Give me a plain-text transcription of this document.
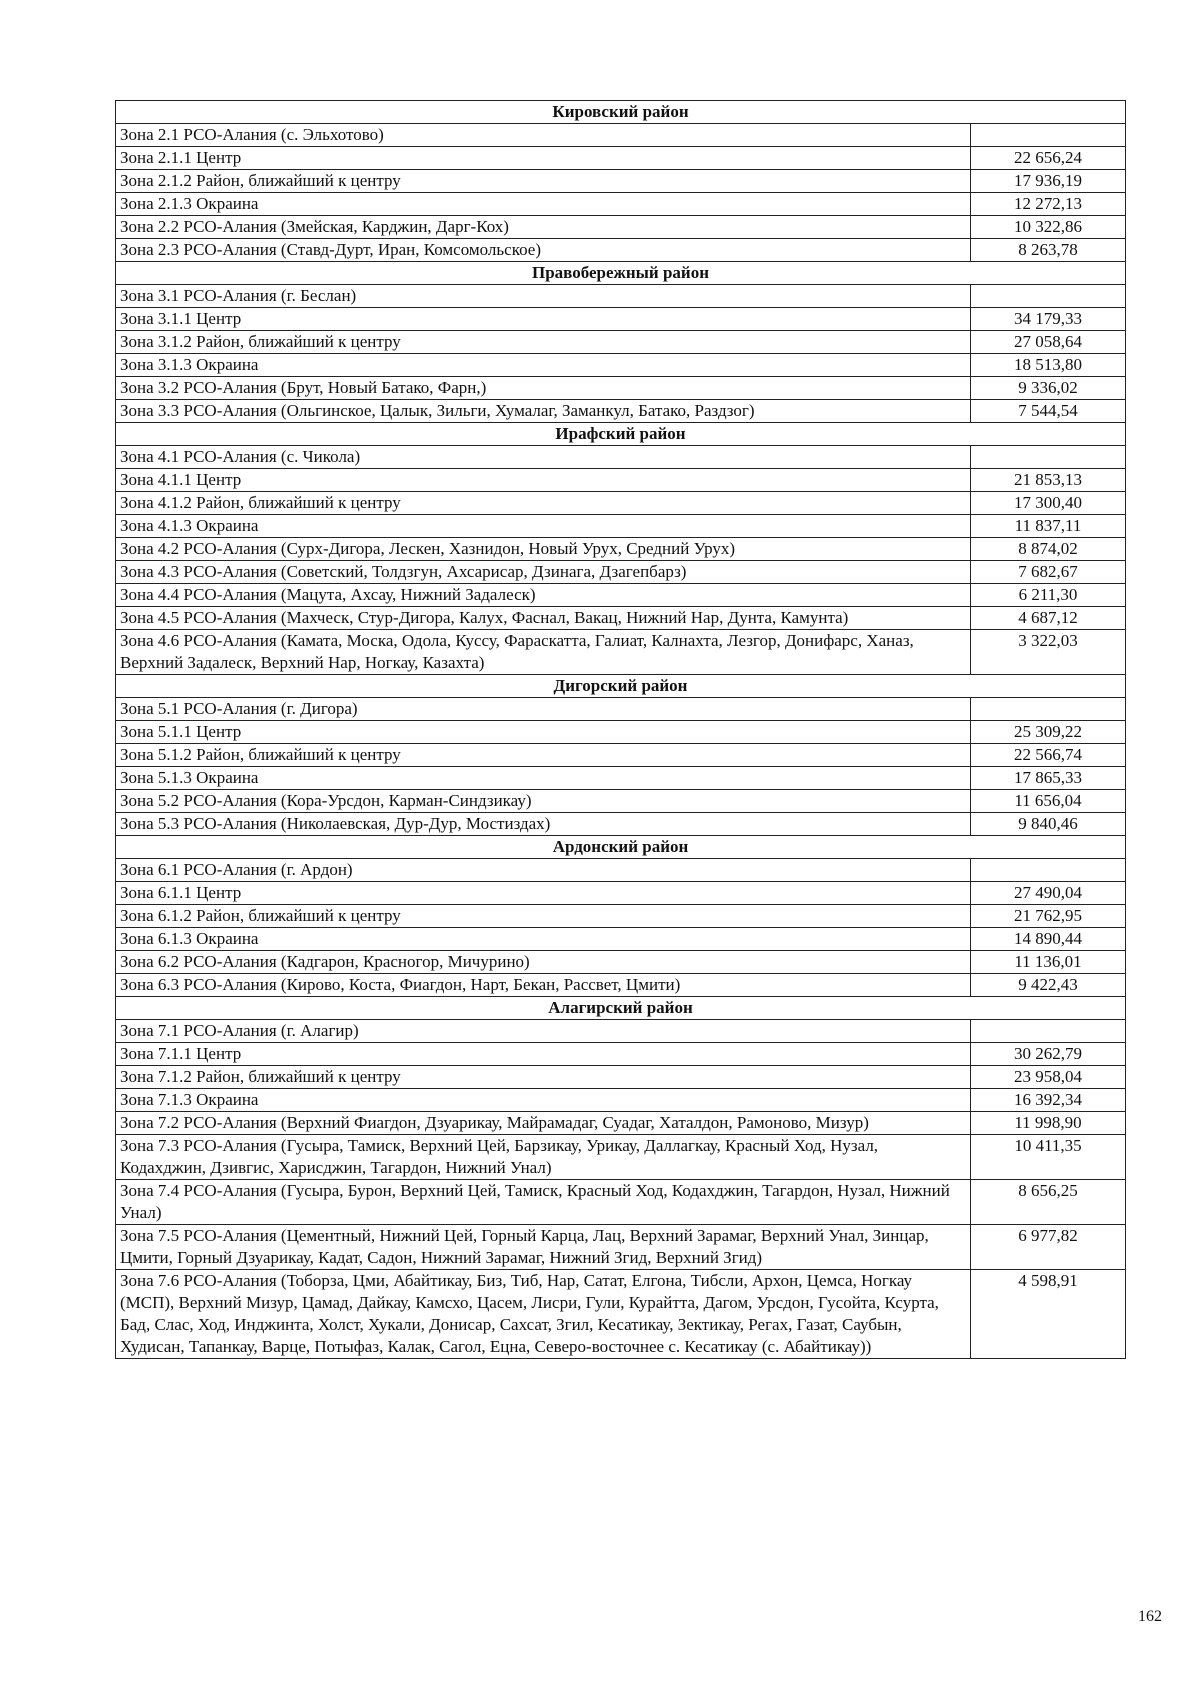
Кировский район	
Зона 2.1 РСО-Алания (с. Эльхотово)	
Зона 2.1.1 Центр	22 656,24
Зона 2.1.2 Район, ближайший к центру	17 936,19
Зона 2.1.3 Окраина	12 272,13
Зона 2.2 РСО-Алания (Змейская, Карджин, Дарг-Кох)	10 322,86
Зона 2.3 РСО-Алания (Ставд-Дурт, Иран, Комсомольское)	8 263,78
Правобережный район	
Зона 3.1 РСО-Алания (г. Беслан)	
Зона 3.1.1 Центр	34 179,33
Зона 3.1.2 Район, ближайший к центру	27 058,64
Зона 3.1.3 Окраина	18 513,80
Зона 3.2 РСО-Алания (Брут, Новый Батако, Фарн,)	9 336,02
Зона 3.3 РСО-Алания (Ольгинское, Цалык, Зильги, Хумалаг, Заманкул, Батако, Раздзог)	7 544,54
Ирафский район	
Зона 4.1 РСО-Алания (с. Чикола)	
Зона 4.1.1 Центр	21 853,13
Зона 4.1.2 Район, ближайший к центру	17 300,40
Зона 4.1.3 Окраина	11 837,11
Зона 4.2 РСО-Алания (Сурх-Дигора, Лескен, Хазнидон, Новый Урух, Средний Урух)	8 874,02
Зона 4.3 РСО-Алания (Советский, Толдзгун, Ахсарисар, Дзинага, Дзагепбарз)	7 682,67
Зона 4.4 РСО-Алания (Мацута, Ахсау, Нижний Задалеск)	6 211,30
Зона 4.5 РСО-Алания (Махческ, Стур-Дигора, Калух, Фаснал, Вакац, Нижний Нар, Дунта, Камунта)	4 687,12
Зона 4.6 РСО-Алания (Камата, Моска, Одола, Куссу, Фараскатта, Галиат, Калнахта, Лезгор, Донифарс, Ханаз, Верхний Задалеск, Верхний Нар, Ногкау, Казахта)	3 322,03
Дигорский район	
Зона 5.1 РСО-Алания (г. Дигора)	
Зона 5.1.1 Центр	25 309,22
Зона 5.1.2 Район, ближайший к центру	22 566,74
Зона 5.1.3 Окраина	17 865,33
Зона 5.2 РСО-Алания (Кора-Урсдон, Карман-Синдзикау)	11 656,04
Зона 5.3 РСО-Алания (Николаевская, Дур-Дур, Мостиздах)	9 840,46
Ардонский район	
Зона 6.1 РСО-Алания (г. Ардон)	
Зона 6.1.1 Центр	27 490,04
Зона 6.1.2 Район, ближайший к центру	21 762,95
Зона 6.1.3 Окраина	14 890,44
Зона 6.2 РСО-Алания (Кадгарон, Красногор, Мичурино)	11 136,01
Зона 6.3 РСО-Алания (Кирово, Коста, Фиагдон, Нарт, Бекан, Рассвет, Цмити)	9 422,43
Алагирский район	
Зона 7.1 РСО-Алания (г. Алагир)	
Зона 7.1.1 Центр	30 262,79
Зона 7.1.2 Район, ближайший к центру	23 958,04
Зона 7.1.3 Окраина	16 392,34
Зона 7.2 РСО-Алания (Верхний Фиагдон, Дзуарикау, Майрамадаг, Суадаг, Хаталдон, Рамоново, Мизур)	11 998,90
Зона 7.3 РСО-Алания (Гусыра, Тамиск, Верхний Цей, Барзикау, Урикау, Даллагкау, Красный Ход, Нузал, Кодахджин, Дзивгис, Харисджин, Тагардон, Нижний Унал)	10 411,35
Зона 7.4 РСО-Алания (Гусыра, Бурон, Верхний Цей, Тамиск, Красный Ход, Кодахджин, Тагардон, Нузал, Нижний Унал)	8 656,25
Зона 7.5 РСО-Алания (Цементный, Нижний Цей, Горный Карца, Лац, Верхний Зарамаг, Верхний Унал, Зинцар, Цмити, Горный Дзуарикау, Кадат, Садон, Нижний Зарамаг, Нижний Згид, Верхний Згид)	6 977,82
Зона 7.6 РСО-Алания (Тоборза, Цми, Абайтикау, Биз, Тиб, Нар, Сатат, Елгона, Тибсли, Архон, Цемса, Ногкау (МСП), Верхний Мизур, Цамад, Дайкау, Камсхо, Цасем, Лисри, Гули, Курайтта, Дагом, Урсдон, Гусойта, Ксурта, Бад, Слас, Ход, Инджинта, Холст, Хукали, Донисар, Сахсат, Згил, Кесатикау, Зектикау, Регах, Газат, Саубын, Худисан, Тапанкау, Варце, Потыфаз, Калак, Сагол, Ецна, Северо-восточнее с. Кесатикау (с. Абайтикау))	4 598,91
162
